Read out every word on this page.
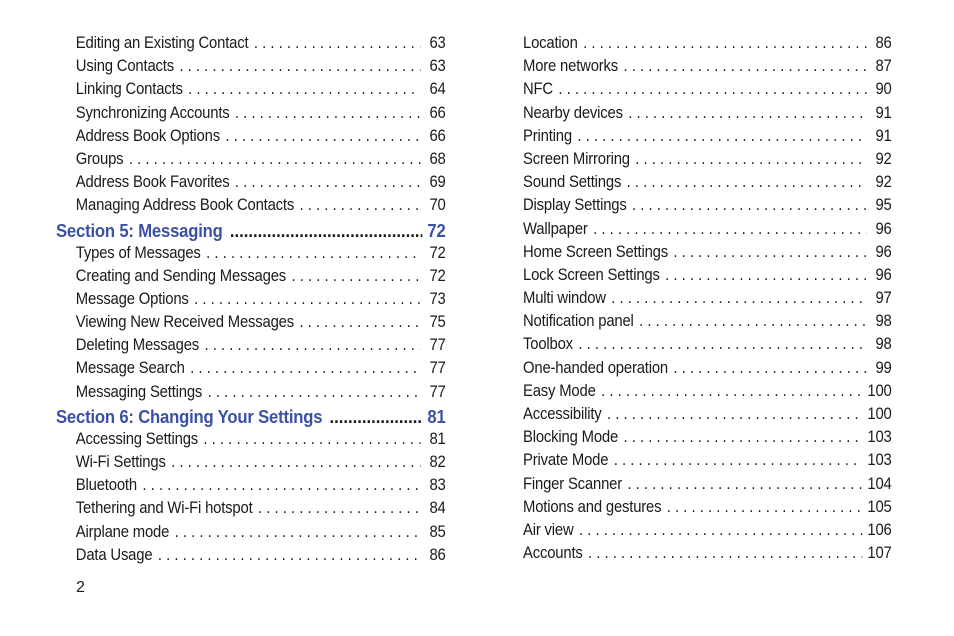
Editing an Existing Contact . . .	63
Using Contacts . . .	63
Linking Contacts . . .	64
Synchronizing Accounts . . .	66
Address Book Options . . .	66
Groups . . .	68
Address Book Favorites . . .	69
Managing Address Book Contacts . . .	70
Section 5: Messaging .....	72
Types of Messages . . .	72
Creating and Sending Messages . . .	72
Message Options . . .	73
Viewing New Received Messages . . .	75
Deleting Messages . . .	77
Message Search . . .	77
Messaging Settings . . .	77
Section 6: Changing Your Settings .....	81
Accessing Settings . . .	81
Wi-Fi Settings . . .	82
Bluetooth . . .	83
Tethering and Wi-Fi hotspot . . .	84
Airplane mode . . .	85
Data Usage . . .	86
Location . . .	86
More networks . . .	87
NFC . . .	90
Nearby devices . . .	91
Printing . . .	91
Screen Mirroring . . .	92
Sound Settings . . .	92
Display Settings . . .	95
Wallpaper . . .	96
Home Screen Settings . . .	96
Lock Screen Settings . . .	96
Multi window . . .	97
Notification panel . . .	98
Toolbox . . .	98
One-handed operation . . .	99
Easy Mode . . .	100
Accessibility . . .	100
Blocking Mode . . .	103
Private Mode . . .	103
Finger Scanner . . .	104
Motions and gestures . . .	105
Air view . . .	106
Accounts . . .	107
2
